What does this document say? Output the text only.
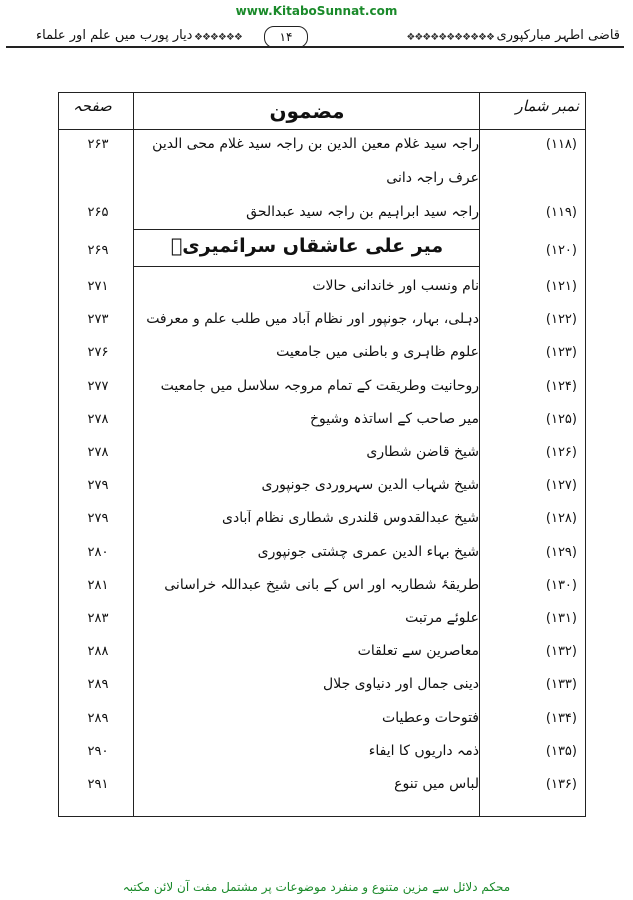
www.KitaboSunnat.com
قاضی اطہر مبارکپوری
❖❖❖❖❖❖❖❖❖❖❖
۱۴
❖❖❖❖❖❖
دیار پورب میں علم اور علماء
نمبر شمار
مضمون
صفحہ
(۱۱۸)
راجہ سید غلام معین الدین بن راجہ سید غلام محی الدین
۲۶۳
عرف راجہ دانی
(۱۱۹)
راجہ سید ابراہیم بن راجہ سید عبدالحق
۲۶۵
میر علی عاشقاں سرائمیریؒ	(۱۲۰)
۲۶۹
(۱۲۱)
نام ونسب اور خاندانی حالات
۲۷۱
(۱۲۲)
دہلی، بہار، جونپور اور نظام آباد میں طلب علم و معرفت
۲۷۳
(۱۲۳)
علوم ظاہری و باطنی میں جامعیت
۲۷۶
(۱۲۴)
روحانیت وطریقت کے تمام مروجہ سلاسل میں جامعیت
۲۷۷
(۱۲۵)
میر صاحب کے اساتذہ وشیوخ
۲۷۸
(۱۲۶)
شیخ قاضن شطاری
۲۷۸
(۱۲۷)
شیخ شہاب الدین سہروردی جونپوری
۲۷۹
(۱۲۸)
شیخ عبدالقدوس قلندری شطاری نظام آبادی
۲۷۹
(۱۲۹)
شیخ بہاء الدین عمری چشتی جونپوری
۲۸۰
(۱۳۰)
طریقۂ شطاریہ اور اس کے بانی شیخ عبداللہ خراسانی
۲۸۱
(۱۳۱)
علوئے مرتبت
۲۸۳
(۱۳۲)
معاصرین سے تعلقات
۲۸۸
(۱۳۳)
دینی جمال اور دنیاوی جلال
۲۸۹
(۱۳۴)
فتوحات وعطیات
۲۸۹
(۱۳۵)
ذمہ داریوں کا ایفاء
۲۹۰
(۱۳۶)
لباس میں تنوع
۲۹۱
محکم دلائل سے مزین متنوع و منفرد موضوعات پر مشتمل مفت آن لائن مکتبہ
